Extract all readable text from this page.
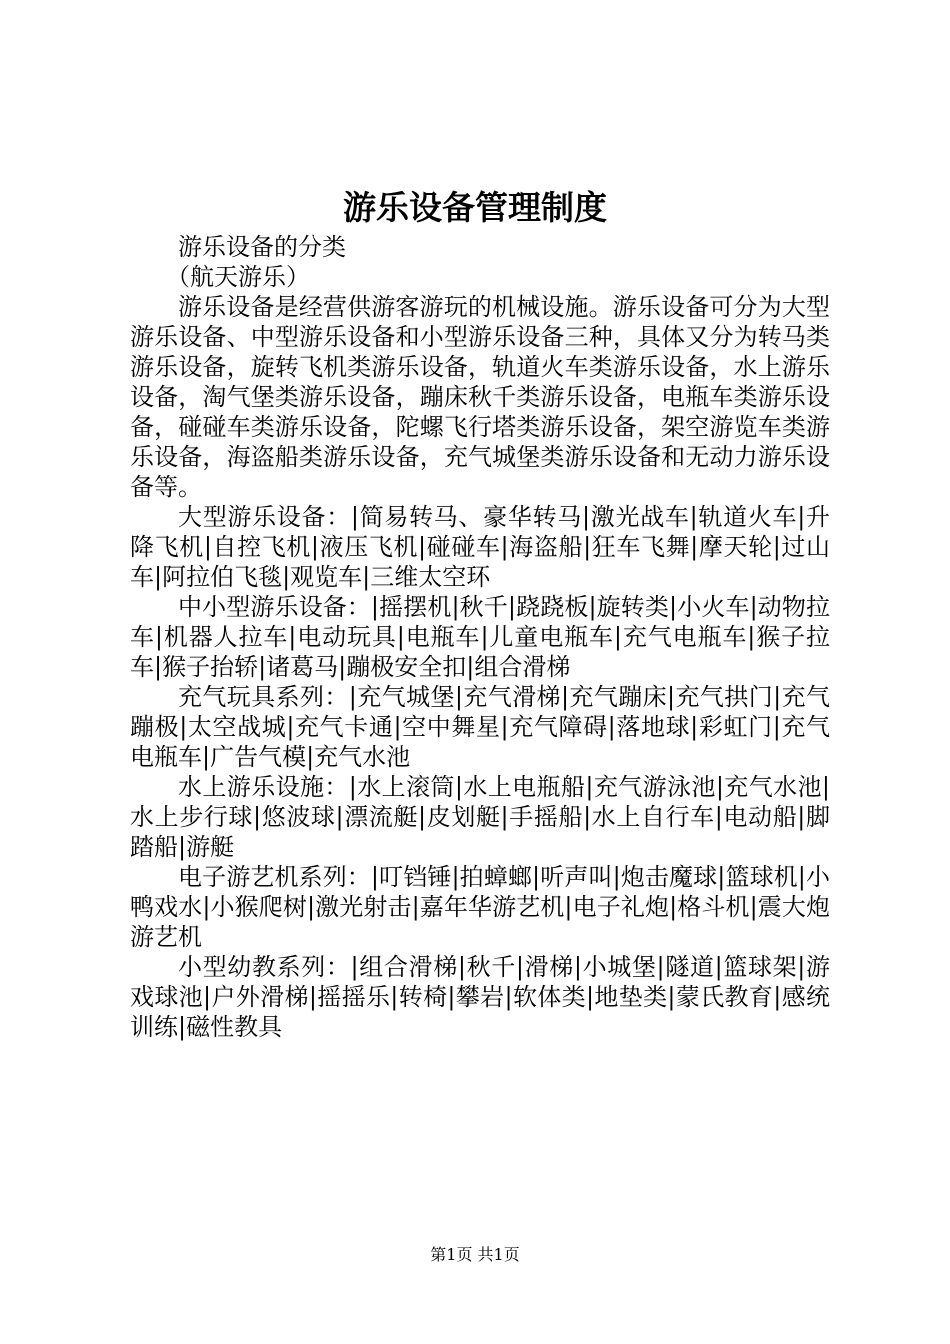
游乐设备管理制度

游乐设备的分类

（航天游乐）

游乐设备是经营供游客游玩的机械设施。游乐设备可分为大型游乐设备、中型游乐设备和小型游乐设备三种，具体又分为转马类游乐设备，旋转飞机类游乐设备，轨道火车类游乐设备，水上游乐设备，淘气堡类游乐设备，蹦床秋千类游乐设备，电瓶车类游乐设备，碰碰车类游乐设备，陀螺飞行塔类游乐设备，架空游览车类游乐设备，海盗船类游乐设备，充气城堡类游乐设备和无动力游乐设备等。

大型游乐设备：|简易转马、豪华转马|激光战车|轨道火车|升降飞机|自控飞机|液压飞机|碰碰车|海盗船|狂车飞舞|摩天轮|过山车|阿拉伯飞毯|观览车|三维太空环

中小型游乐设备：|摇摆机|秋千|跷跷板|旋转类|小火车|动物拉车|机器人拉车|电动玩具|电瓶车|儿童电瓶车|充气电瓶车|猴子拉车|猴子抬轿|诸葛马|蹦极安全扣|组合滑梯

充气玩具系列：|充气城堡|充气滑梯|充气蹦床|充气拱门|充气蹦极|太空战城|充气卡通|空中舞星|充气障碍|落地球|彩虹门|充气电瓶车|广告气模|充气水池

水上游乐设施：|水上滚筒|水上电瓶船|充气游泳池|充气水池|水上步行球|悠波球|漂流艇|皮划艇|手摇船|水上自行车|电动船|脚踏船|游艇

电子游艺机系列：|叮铛锤|拍蟑螂|听声叫|炮击魔球|篮球机|小鸭戏水|小猴爬树|激光射击|嘉年华游艺机|电子礼炮|格斗机|震大炮游艺机

小型幼教系列：|组合滑梯|秋千|滑梯|小城堡|隧道|篮球架|游戏球池|户外滑梯|摇摇乐|转椅|攀岩|软体类|地垫类|蒙氏教育|感统训练|磁性教具

第1页 共1页
